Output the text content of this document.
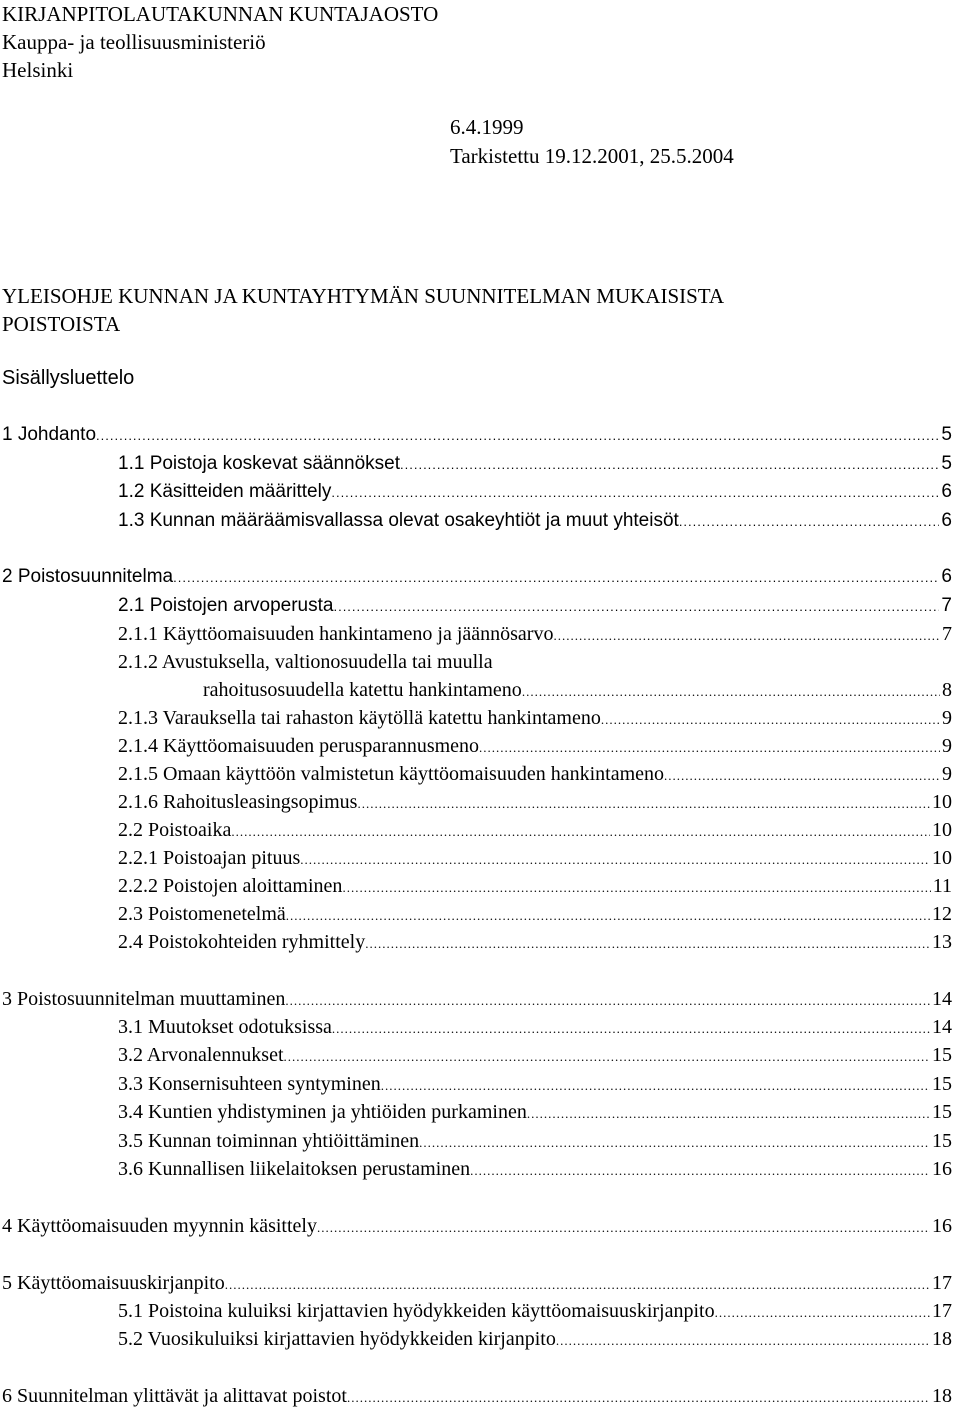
KIRJANPITOLAUTAKUNNAN KUNTAJAOSTO
Kauppa- ja teollisuusministeriö
Helsinki
6.4.1999
Tarkistettu 19.12.2001, 25.5.2004
YLEISOHJE KUNNAN JA KUNTAYHTYMÄN SUUNNITELMAN MUKAISISTA
POISTOISTA
Sisällysluettelo
1 Johdanto .....	5
1.1 Poistoja koskevat säännökset .....	5
1.2 Käsitteiden määrittely .....	6
1.3 Kunnan määräämisvallassa olevat osakeyhtiöt ja muut yhteisöt .....	6
2 Poistosuunnitelma .....	6
2.1 Poistojen arvoperusta .....	7
2.1.1 Käyttöomaisuuden hankintameno ja jäännösarvo .....	7
2.1.2 Avustuksella, valtionosuudella tai muulla
rahoitusosuudella katettu hankintameno .....	8
2.1.3 Varauksella tai rahaston käytöllä katettu hankintameno .....	9
2.1.4 Käyttöomaisuuden perusparannusmeno .....	9
2.1.5 Omaan käyttöön valmistetun käyttöomaisuuden hankintameno .....	9
2.1.6 Rahoitusleasingsopimus .....	10
2.2 Poistoaika .....	10
2.2.1 Poistoajan pituus .....	10
2.2.2 Poistojen aloittaminen .....	11
2.3 Poistomenetelmä .....	12
2.4 Poistokohteiden ryhmittely .....	13
3 Poistosuunnitelman muuttaminen .....	14
3.1 Muutokset odotuksissa .....	14
3.2 Arvonalennukset .....	15
3.3 Konsernisuhteen syntyminen .....	15
3.4 Kuntien yhdistyminen ja yhtiöiden purkaminen .....	15
3.5 Kunnan toiminnan yhtiöittäminen .....	15
3.6 Kunnallisen liikelaitoksen perustaminen .....	16
4 Käyttöomaisuuden myynnin käsittely .....	16
5 Käyttöomaisuuskirjanpito .....	17
5.1 Poistoina kuluiksi kirjattavien hyödykkeiden käyttöomaisuuskirjanpito .....	17
5.2 Vuosikuluiksi kirjattavien hyödykkeiden kirjanpito .....	18
6 Suunnitelman ylittävät ja alittavat poistot .....	18
